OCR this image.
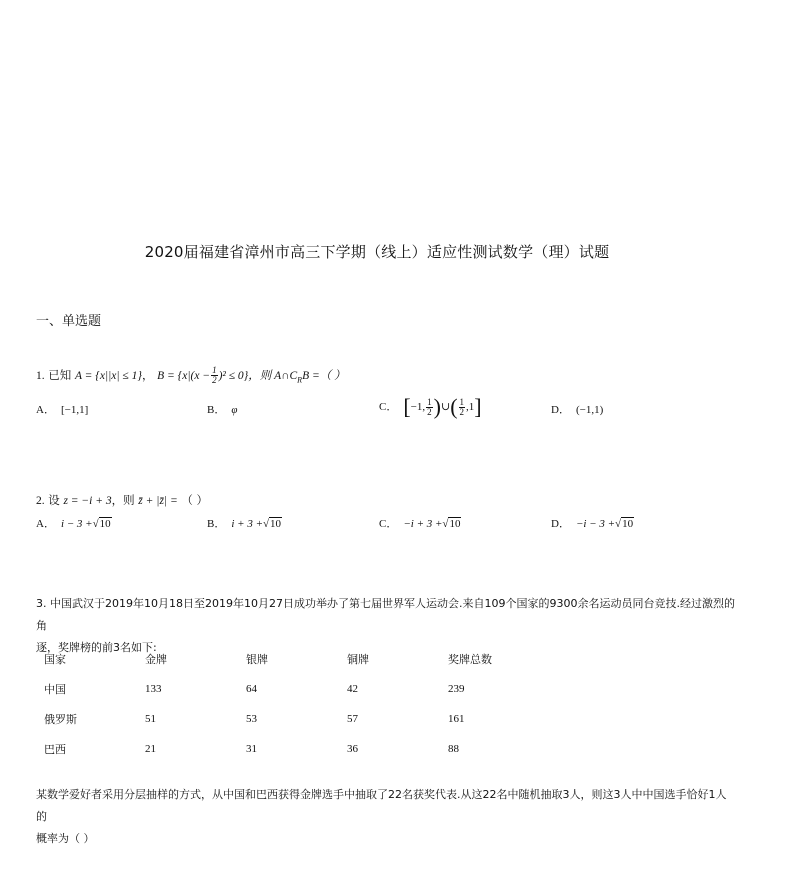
2020届福建省漳州市高三下学期（线上）适应性测试数学（理）试题
一、单选题
1. 已知 A = {x||x| ≤ 1}， $B = \{x|(x - \frac{1}{2} )^2 \le 0\}$，则 $A\cap C_RB$ =（ ）
A． [−1,1]	B． φ	C． [−1, $\frac{1}{2}$ )∪( $\frac{1}{2} ,1$]	D． (−1,1)
2. 设 z = −i + 3，则 z̄ + |z̄| = （ ）
A． i − 3 +√10	B． i + 3 +√10	C． −i + 3 +√10	D． −i − 3 +√10
3. 中国武汉于2019年10月18日至2019年10月27日成功举办了第七届世界军人运动会.来自109个国家的9300余名运动员同台竞技.经过激烈的角
逐，奖牌榜的前3名如下:
国家	金牌	银牌	铜牌	奖牌总数
中国	133	64	42	239
俄罗斯	51	53	57	161
巴西	21	31	36	88
某数学爱好者采用分层抽样的方式，从中国和巴西获得金牌选手中抽取了22名获奖代表.从这22名中随机抽取3人，则这3人中中国选手恰好1人的
概率为（ ）
